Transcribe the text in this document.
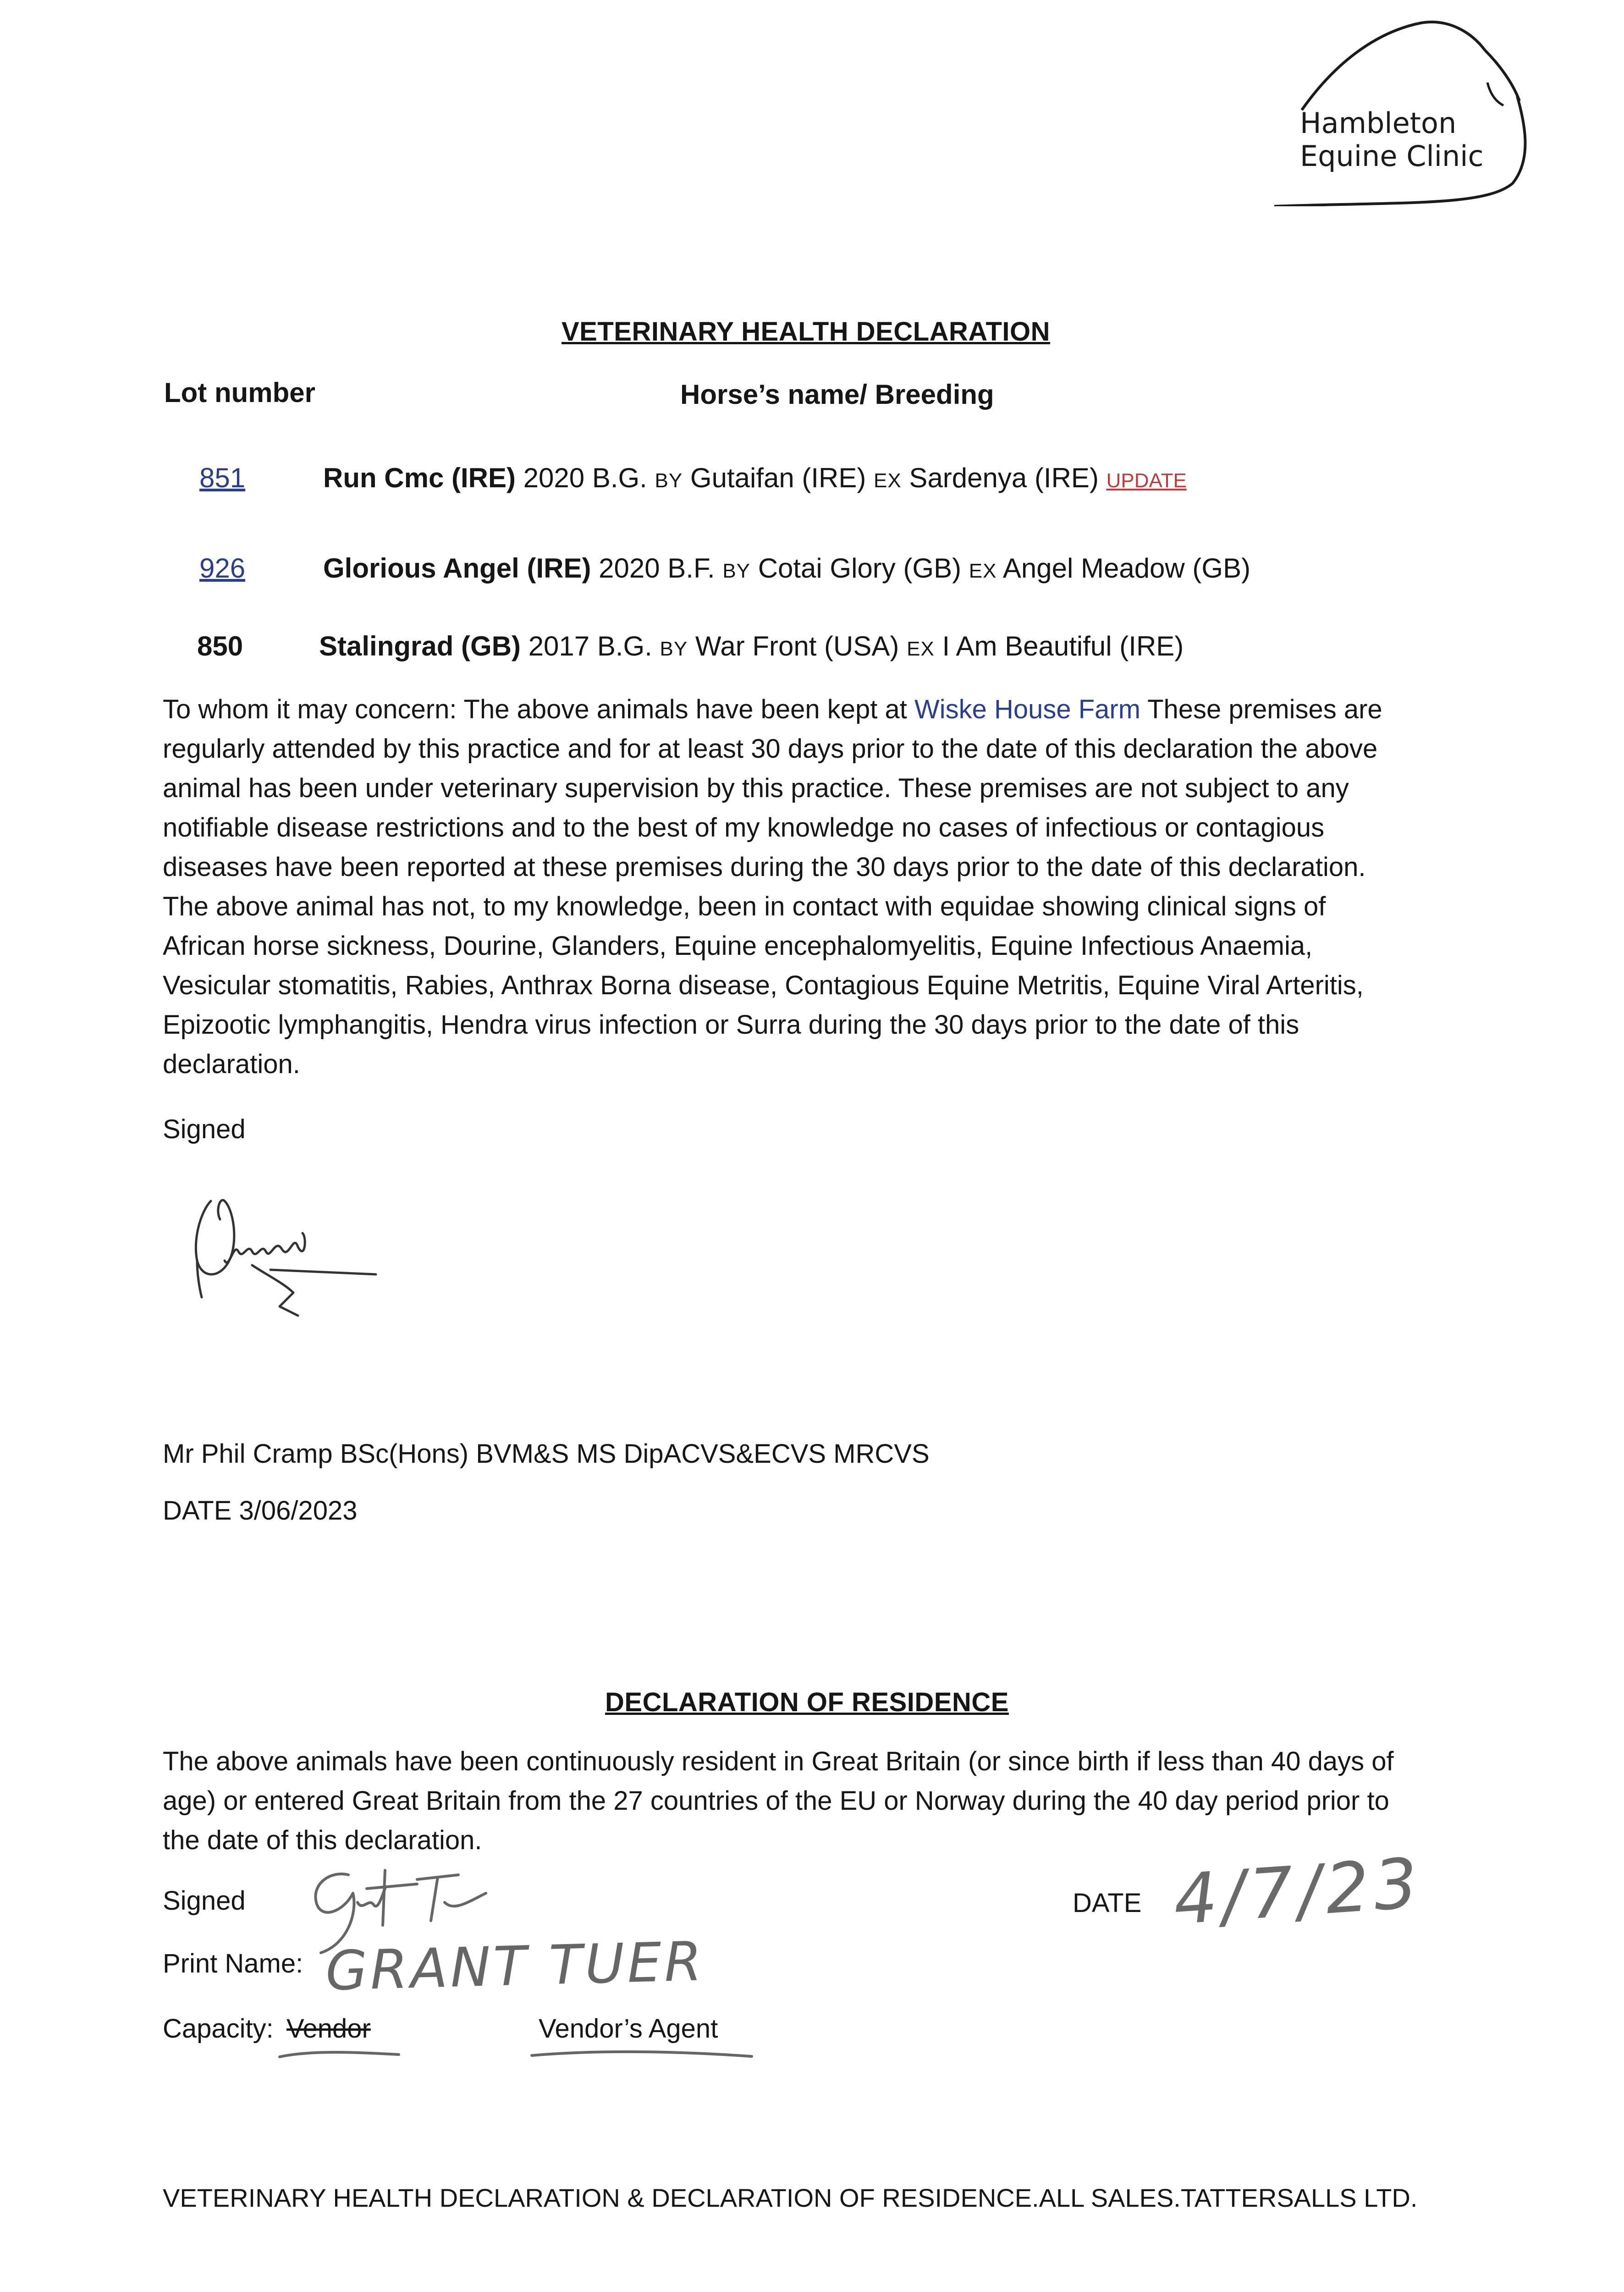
Hambleton
Equine Clinic
VETERINARY HEALTH DECLARATION
Lot number	Horse’s name/ Breeding
851	Run Cmc (IRE) 2020 B.G. BY Gutaifan (IRE) EX Sardenya (IRE) UPDATE
926	Glorious Angel (IRE) 2020 B.F. BY Cotai Glory (GB) EX Angel Meadow (GB)
850	Stalingrad (GB) 2017 B.G. BY War Front (USA) EX I Am Beautiful (IRE)
To whom it may concern: The above animals have been kept at Wiske House Farm These premises are regularly attended by this practice and for at least 30 days prior to the date of this declaration the above animal has been under veterinary supervision by this practice. These premises are not subject to any notifiable disease restrictions and to the best of my knowledge no cases of infectious or contagious diseases have been reported at these premises during the 30 days prior to the date of this declaration. The above animal has not, to my knowledge, been in contact with equidae showing clinical signs of African horse sickness, Dourine, Glanders, Equine encephalomyelitis, Equine Infectious Anaemia, Vesicular stomatitis, Rabies, Anthrax Borna disease, Contagious Equine Metritis, Equine Viral Arteritis, Epizootic lymphangitis, Hendra virus infection or Surra during the 30 days prior to the date of this declaration.
Signed
Mr Phil Cramp BSc(Hons) BVM&S MS DipACVS&ECVS MRCVS
DATE 3/06/2023
DECLARATION OF RESIDENCE
The above animals have been continuously resident in Great Britain (or since birth if less than 40 days of age) or entered Great Britain from the 27 countries of the EU or Norway during the 40 day period prior to the date of this declaration.
Signed	DATE 4/7/23
Print Name: GRANT TUER
Capacity: Vendor	Vendor’s Agent
VETERINARY HEALTH DECLARATION & DECLARATION OF RESIDENCE.ALL SALES.TATTERSALLS LTD.
